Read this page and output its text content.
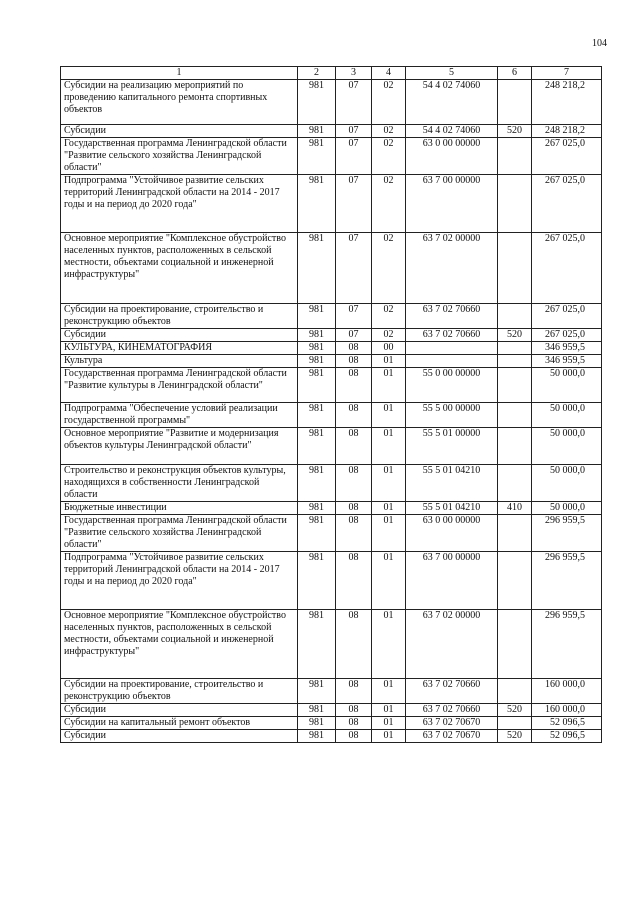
104
1	2	3	4	5	6	7
Субсидии на реализацию мероприятий по проведению капитального ремонта спортивных объектов	981	07	02	54 4 02 74060		248 218,2
Субсидии	981	07	02	54 4 02 74060	520	248 218,2
Государственная программа Ленинградской области "Развитие сельского хозяйства Ленинградской области"	981	07	02	63 0 00 00000		267 025,0
Подпрограмма "Устойчивое развитие сельских территорий Ленинградской области на 2014 - 2017 годы и на период до 2020 года"	981	07	02	63 7 00 00000		267 025,0
Основное мероприятие "Комплексное обустройство населенных пунктов, расположенных в сельской местности, объектами социальной и инженерной инфраструктуры"	981	07	02	63 7 02 00000		267 025,0
Субсидии на проектирование, строительство и реконструкцию объектов	981	07	02	63 7 02 70660		267 025,0
Субсидии	981	07	02	63 7 02 70660	520	267 025,0
КУЛЬТУРА, КИНЕМАТОГРАФИЯ	981	08	00			346 959,5
Культура	981	08	01			346 959,5
Государственная программа Ленинградской области "Развитие культуры в Ленинградской области"	981	08	01	55 0 00 00000		50 000,0
Подпрограмма "Обеспечение условий реализации государственной программы"	981	08	01	55 5 00 00000		50 000,0
Основное мероприятие "Развитие и модернизация объектов культуры Ленинградской области"	981	08	01	55 5 01 00000		50 000,0
Строительство и реконструкция объектов культуры, находящихся в собственности Ленинградской области	981	08	01	55 5 01 04210		50 000,0
Бюджетные инвестиции	981	08	01	55 5 01 04210	410	50 000,0
Государственная программа Ленинградской области "Развитие сельского хозяйства Ленинградской области"	981	08	01	63 0 00 00000		296 959,5
Подпрограмма "Устойчивое развитие сельских территорий Ленинградской области на 2014 - 2017 годы и на период до 2020 года"	981	08	01	63 7 00 00000		296 959,5
Основное мероприятие "Комплексное обустройство населенных пунктов, расположенных в сельской местности, объектами социальной и инженерной инфраструктуры"	981	08	01	63 7 02 00000		296 959,5
Субсидии на проектирование, строительство и реконструкцию объектов	981	08	01	63 7 02 70660		160 000,0
Субсидии	981	08	01	63 7 02 70660	520	160 000,0
Субсидии на капитальный ремонт объектов	981	08	01	63 7 02 70670		52 096,5
Субсидии	981	08	01	63 7 02 70670	520	52 096,5
